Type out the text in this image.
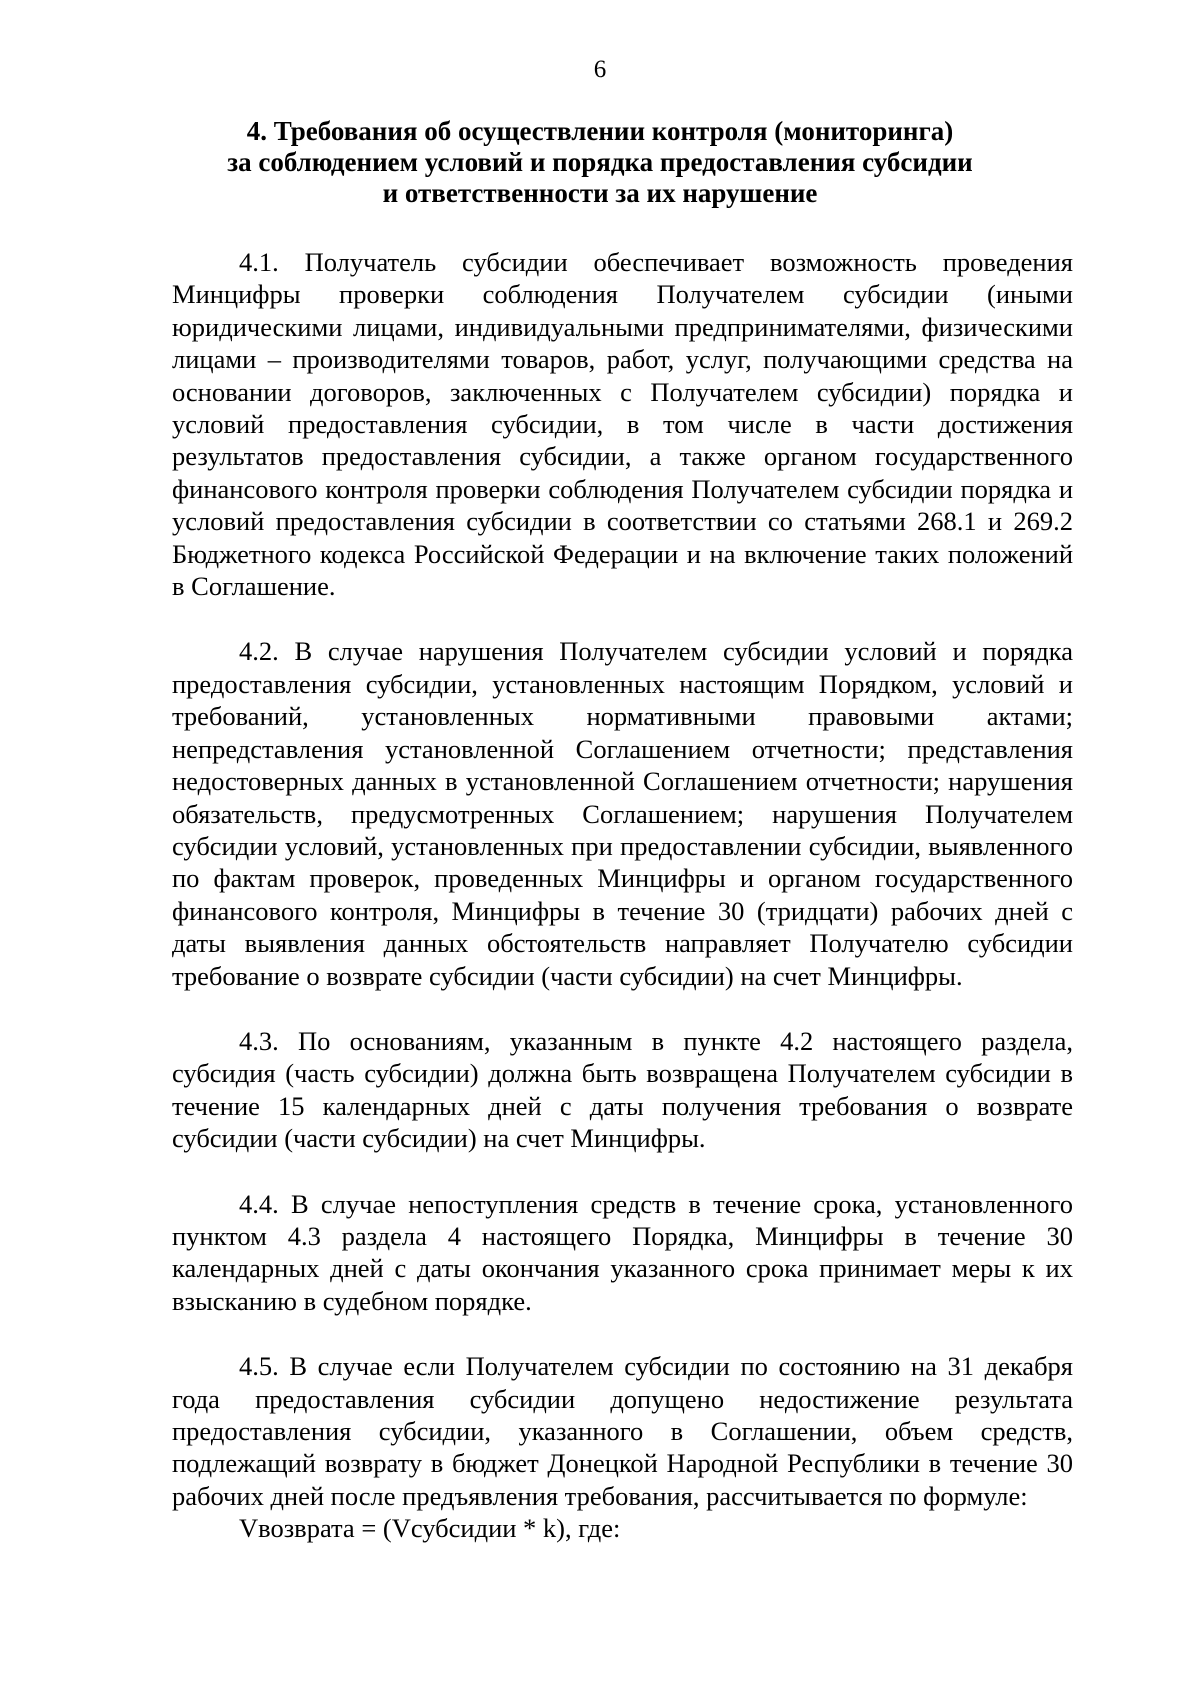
6
4. Требования об осуществлении контроля (мониторинга)
за соблюдением условий и порядка предоставления субсидии
и ответственности за их нарушение

4.1. Получатель субсидии обеспечивает возможность проведения Минцифры проверки соблюдения Получателем субсидии (иными юридическими лицами, индивидуальными предпринимателями, физическими лицами – производителями товаров, работ, услуг, получающими средства на основании договоров, заключенных с Получателем субсидии) порядка и условий предоставления субсидии, в том числе в части достижения результатов предоставления субсидии, а также органом государственного финансового контроля проверки соблюдения Получателем субсидии порядка и условий предоставления субсидии в соответствии со статьями 268.1 и 269.2 Бюджетного кодекса Российской Федерации и на включение таких положений в Соглашение.

4.2. В случае нарушения Получателем субсидии условий и порядка предоставления субсидии, установленных настоящим Порядком, условий и требований, установленных нормативными правовыми актами; непредставления установленной Соглашением отчетности; представления недостоверных данных в установленной Соглашением отчетности; нарушения обязательств, предусмотренных Соглашением; нарушения Получателем субсидии условий, установленных при предоставлении субсидии, выявленного по фактам проверок, проведенных Минцифры и органом государственного финансового контроля, Минцифры в течение 30 (тридцати) рабочих дней с даты выявления данных обстоятельств направляет Получателю субсидии требование о возврате субсидии (части субсидии) на счет Минцифры.

4.3. По основаниям, указанным в пункте 4.2 настоящего раздела, субсидия (часть субсидии) должна быть возвращена Получателем субсидии в течение 15 календарных дней с даты получения требования о возврате субсидии (части субсидии) на счет Минцифры.

4.4. В случае непоступления средств в течение срока, установленного пунктом 4.3 раздела 4 настоящего Порядка, Минцифры в течение 30 календарных дней с даты окончания указанного срока принимает меры к их взысканию в судебном порядке.

4.5. В случае если Получателем субсидии по состоянию на 31 декабря года предоставления субсидии допущено недостижение результата предоставления субсидии, указанного в Соглашении, объем средств, подлежащий возврату в бюджет Донецкой Народной Республики в течение 30 рабочих дней после предъявления требования, рассчитывается по формуле:

Vвозврата = (Vсубсидии * k), где:
